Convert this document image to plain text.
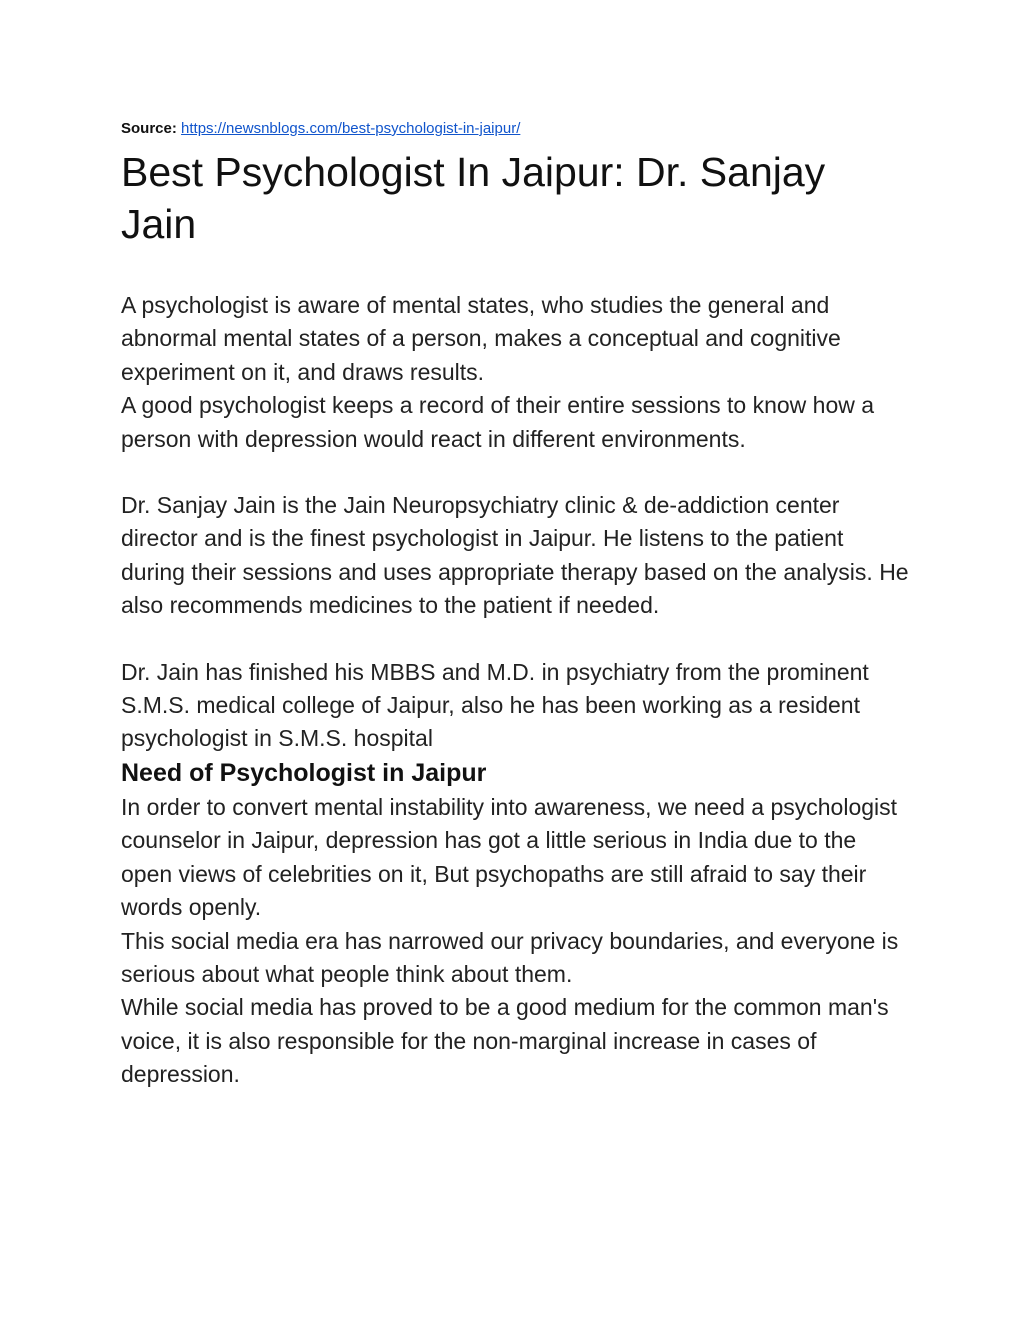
Source: https://newsnblogs.com/best-psychologist-in-jaipur/
Best Psychologist In Jaipur: Dr. Sanjay Jain

A psychologist is aware of mental states, who studies the general and abnormal mental states of a person, makes a conceptual and cognitive experiment on it, and draws results.

A good psychologist keeps a record of their entire sessions to know how a person with depression would react in different environments.

Dr. Sanjay Jain is the Jain Neuropsychiatry clinic & de-addiction center director and is the finest psychologist in Jaipur. He listens to the patient during their sessions and uses appropriate therapy based on the analysis. He also recommends medicines to the patient if needed.

Dr. Jain has finished his MBBS and M.D. in psychiatry from the prominent S.M.S. medical college of Jaipur, also he has been working as a resident psychologist in S.M.S. hospital

Need of Psychologist in Jaipur

In order to convert mental instability into awareness, we need a psychologist counselor in Jaipur, depression has got a little serious in India due to the open views of celebrities on it, But psychopaths are still afraid to say their words openly.

This social media era has narrowed our privacy boundaries, and everyone is serious about what people think about them.

While social media has proved to be a good medium for the common man's voice, it is also responsible for the non-marginal increase in cases of depression.
